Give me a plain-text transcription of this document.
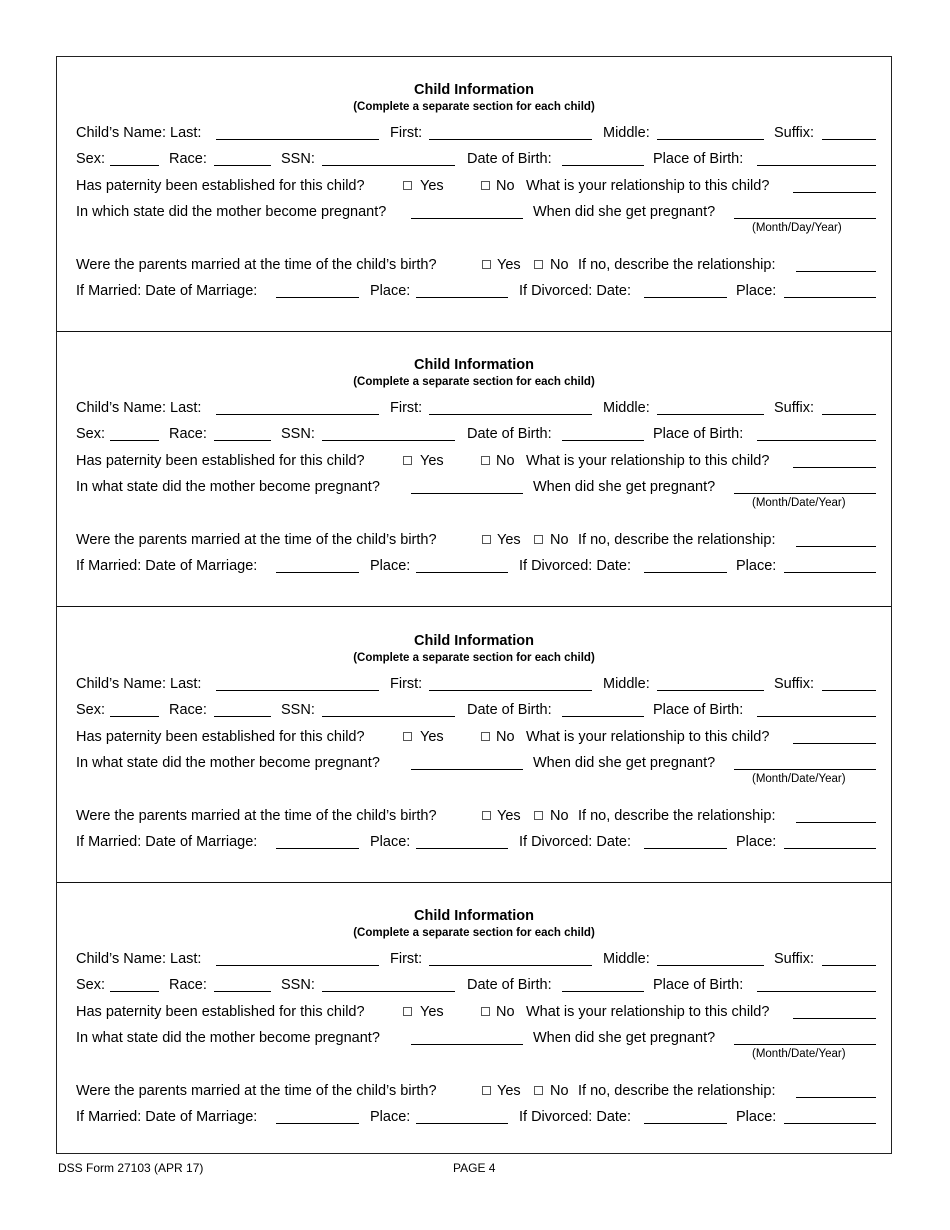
Child Information
(Complete a separate section for each child)
Child’s Name: Last:	First:	Middle:	Suffix:
Sex:	Race:	SSN:	Date of Birth:	Place of Birth:
Has paternity been established for this child?	Yes	No What is your relationship to this child?
In which state did the mother become pregnant?	When did she get pregnant?
(Month/Day/Year)
Were the parents married at the time of the child’s birth?	Yes No If no, describe the relationship:
If Married: Date of Marriage:	Place:	If Divorced: Date:	Place:
Child Information
(Complete a separate section for each child)
Child’s Name: Last:	First:	Middle:	Suffix:
Sex:	Race:	SSN:	Date of Birth:	Place of Birth:
Has paternity been established for this child?	Yes	No What is your relationship to this child?
In what state did the mother become pregnant?	When did she get pregnant?
(Month/Date/Year)
Were the parents married at the time of the child’s birth?	Yes No If no, describe the relationship:
If Married: Date of Marriage:	Place:	If Divorced: Date:	Place:
Child Information
(Complete a separate section for each child)
Child’s Name: Last:	First:	Middle:	Suffix:
Sex:	Race:	SSN:	Date of Birth:	Place of Birth:
Has paternity been established for this child?	Yes	No What is your relationship to this child?
In what state did the mother become pregnant?	When did she get pregnant?
(Month/Date/Year)
Were the parents married at the time of the child’s birth?	Yes No If no, describe the relationship:
If Married: Date of Marriage:	Place:	If Divorced: Date:	Place:
Child Information
(Complete a separate section for each child)
Child’s Name: Last:	First:	Middle:	Suffix:
Sex:	Race:	SSN:	Date of Birth:	Place of Birth:
Has paternity been established for this child?	Yes	No What is your relationship to this child?
In what state did the mother become pregnant?	When did she get pregnant?
(Month/Date/Year)
Were the parents married at the time of the child’s birth?	Yes No If no, describe the relationship:
If Married: Date of Marriage:	Place:	If Divorced: Date:	Place:
DSS Form 27103 (APR 17)	PAGE 4
